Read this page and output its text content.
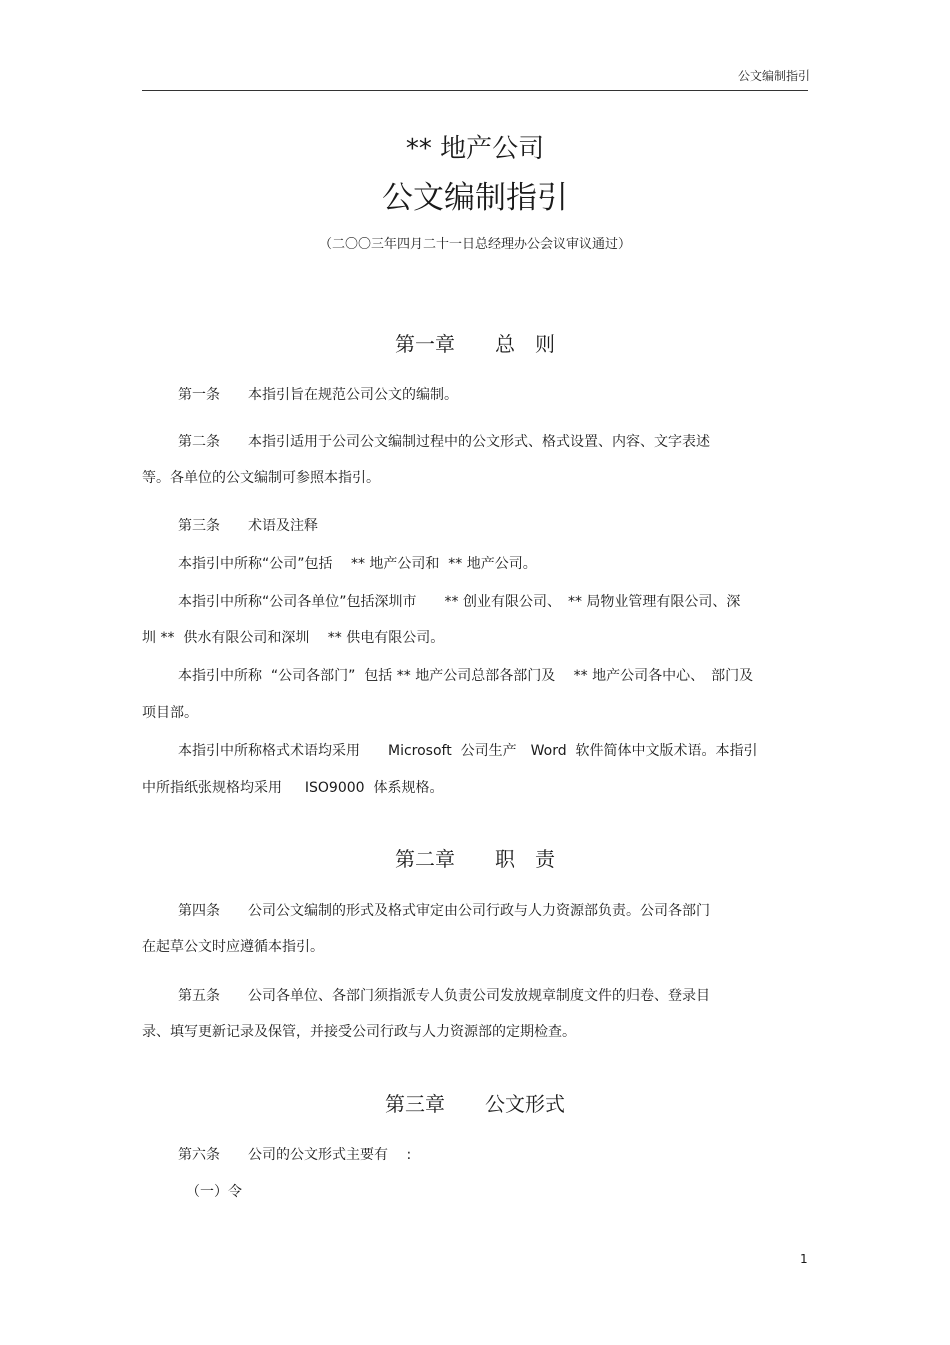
公文编制指引
** 地产公司
公文编制指引
（二〇〇三年四月二十一日总经理办公会议审议通过）
第一章　　 总　则
第一条　　本指引旨在规范公司公文的编制。
第二条　　本指引适用于公司公文编制过程中的公文形式、格式设置、内容、文字表述
等。各单位的公文编制可参照本指引。
第三条　　术语及注释
本指引中所称“公司”包括　 ** 地产公司和  ** 地产公司。
本指引中所称“公司各单位”包括深圳市　　** 创业有限公司、　** 局物业管理有限公司、深
圳 **  供水有限公司和深圳　 ** 供电有限公司。
本指引中所称  “公司各部门”  包括 ** 地产公司总部各部门及　 ** 地产公司各中心、　部门及
项目部。
本指引中所称格式术语均采用　　Microsoft  公司生产　Word  软件简体中文版术语。本指引
中所指纸张规格均采用　  ISO9000  体系规格。
第二章　　 职　责
第四条　　公司公文编制的形式及格式审定由公司行政与人力资源部负责。公司各部门
在起草公文时应遵循本指引。
第五条　　公司各单位、各部门须指派专人负责公司发放规章制度文件的归卷、登录目
录、填写更新记录及保管，并接受公司行政与人力资源部的定期检查。
第三章　　 公文形式
第六条　　公司的公文形式主要有　 :
（一）令
1
